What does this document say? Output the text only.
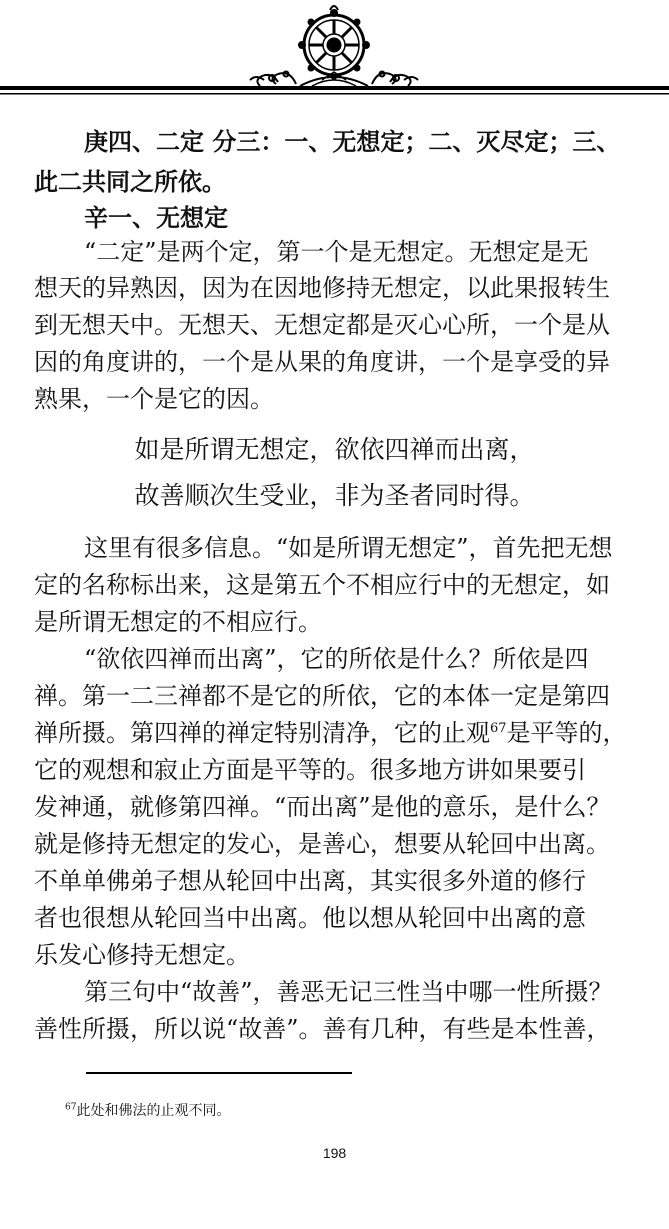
庚四、二定 分三：一、无想定；二、灭尽定；三、
此二共同之所依。
辛一、无想定
“二定”是两个定，第一个是无想定。无想定是无
想天的异熟因，因为在因地修持无想定，以此果报转生
到无想天中。无想天、无想定都是灭心心所，一个是从
因的角度讲的，一个是从果的角度讲，一个是享受的异
熟果，一个是它的因。
如是所谓无想定，欲依四禅而出离，
故善顺次生受业，非为圣者同时得。
这里有很多信息。“如是所谓无想定”，首先把无想
定的名称标出来，这是第五个不相应行中的无想定，如
是所谓无想定的不相应行。
“欲依四禅而出离”，它的所依是什么？所依是四
禅。第一二三禅都不是它的所依，它的本体一定是第四
禅所摄。第四禅的禅定特别清净，它的止观$^{67}$是平等的，
它的观想和寂止方面是平等的。很多地方讲如果要引
发神通，就修第四禅。“而出离”是他的意乐，是什么？
就是修持无想定的发心，是善心，想要从轮回中出离。
不单单佛弟子想从轮回中出离，其实很多外道的修行
者也很想从轮回当中出离。他以想从轮回中出离的意
乐发心修持无想定。
第三句中“故善”，善恶无记三性当中哪一性所摄？
善性所摄，所以说“故善”。善有几种，有些是本性善，
$^{67}$此处和佛法的止观不同。
198
